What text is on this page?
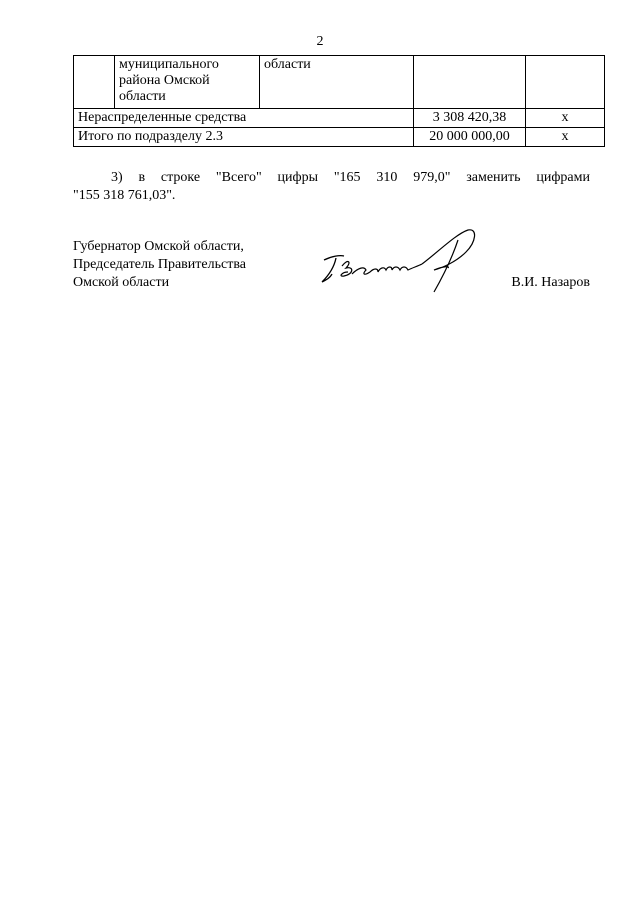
2

	муниципального
района Омской
области	области		
Нераспределенные средства			3 308 420,38	x
Итого по подразделу 2.3			20 000 000,00	x
3) в строке "Всего" цифры "165 310 979,0" заменить цифрами
"155 318 761,03".
Губернатор Омской области,
Председатель Правительства
Омской области	В.И. Назаров
